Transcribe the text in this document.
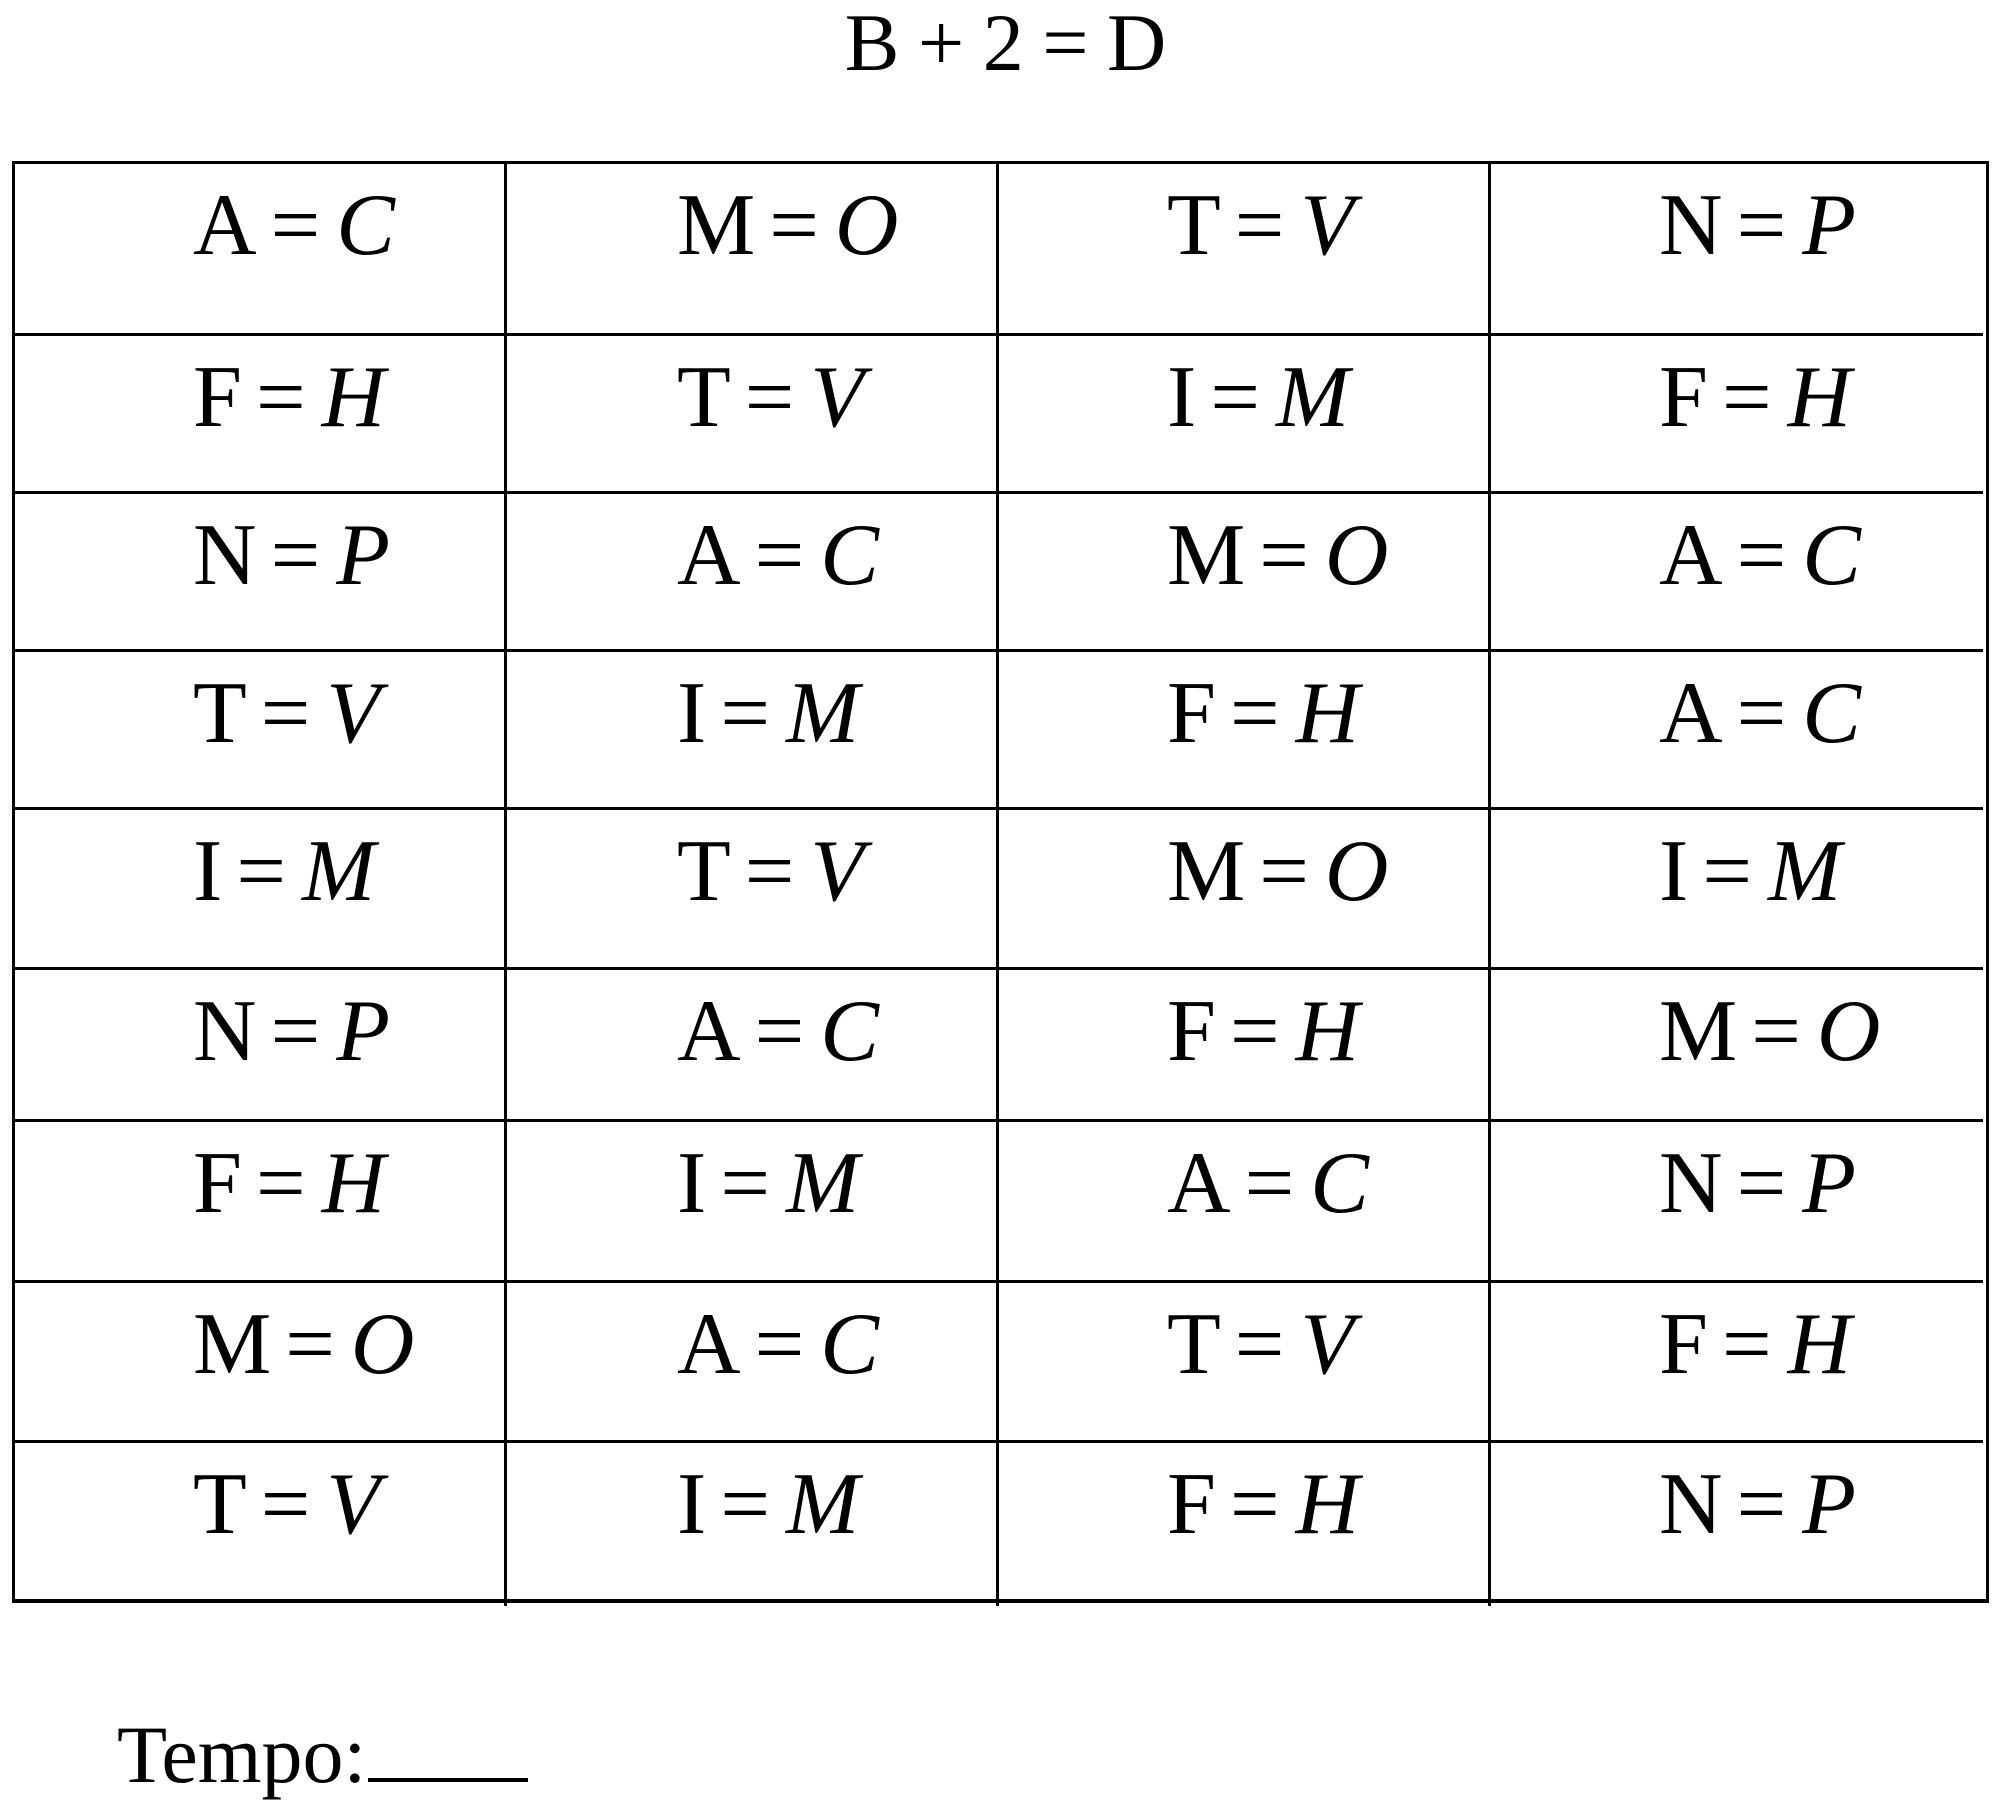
B + 2 = D
A = C	M = O	T = V	N = P
F = H	T = V	I = M	F = H
N = P	A = C	M = O	A = C
T = V	I = M	F = H	A = C
I = M	T = V	M = O	I = M
N = P	A = C	F = H	M = O
F = H	I = M	A = C	N = P
M = O	A = C	T = V	F = H
T = V	I = M	F = H	N = P
Tempo:
